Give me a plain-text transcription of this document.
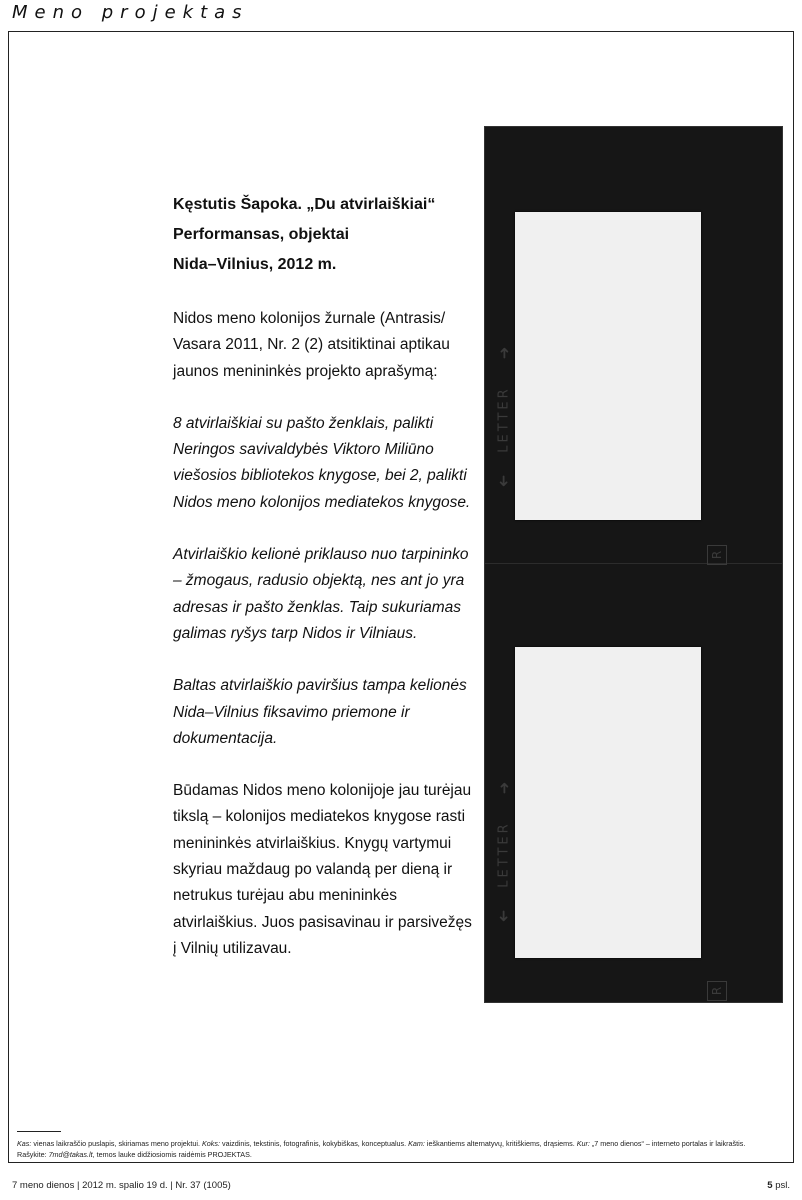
Meno projektas
Kęstutis Šapoka. „Du atvirlaiškiai“
Performansas, objektai
Nida–Vilnius, 2012 m.

Nidos meno kolonijos žurnale (Antrasis/ Vasara 2011, Nr. 2 (2) atsitiktinai aptikau jaunos menininkės projekto aprašymą:

8 atvirlaiškiai su pašto ženklais, palikti Neringos savivaldybės Viktoro Miliūno viešosios bibliotekos knygose, bei 2, palikti Nidos meno kolonijos mediatekos knygose.

Atvirlaiškio kelionė priklauso nuo tarpininko – žmogaus, radusio objektą, nes ant jo yra adresas ir pašto ženklas. Taip sukuriamas galimas ryšys tarp Nidos ir Vilniaus.

Baltas atvirlaiškio paviršius tampa kelionės Nida–Vilnius fiksavimo priemone ir dokumentacija.

Būdamas Nidos meno kolonijoje jau turėjau tikslą – kolonijos mediatekos knygose rasti menininkės atvirlaiškius. Knygų vartymui skyriau maždaug po valandą per dieną ir netrukus turėjau abu menininkės atvirlaiškius. Juos pasisavinau ir parsivežęs į Vilnių utilizavau.

➜
LETTER
➜
➜
LETTER
➜
R
R

Kas: vienas laikraščio puslapis, skiriamas meno projektui. Koks: vaizdinis, tekstinis, fotografinis, kokybiškas, konceptualus. Kam: ieškantiems alternatyvų, kritiškiems, drąsiems. Kur: „7 meno dienos“ – interneto portalas ir laikraštis.

Rašykite: 7md@takas.lt, temos lauke didžiosiomis raidėmis PROJEKTAS.

7 meno dienos | 2012 m. spalio 19 d. | Nr. 37 (1005)	5 psl.
